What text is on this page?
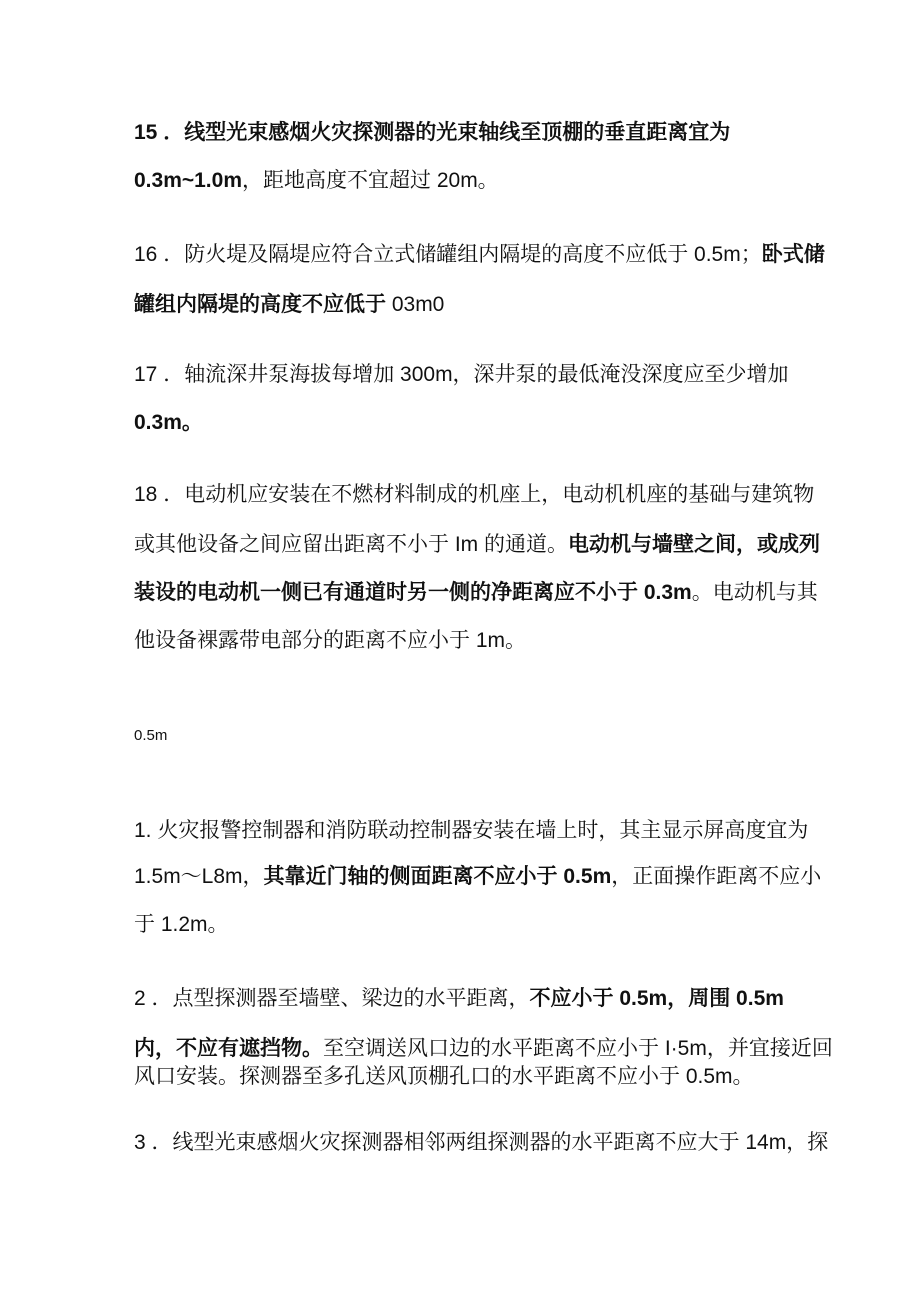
15 ．线型光束感烟火灾探测器的光束轴线至顶棚的垂直距离宜为
0.3m~1.0m，距地高度不宜超过 20m。
16 ．防火堤及隔堤应符合立式储罐组内隔堤的高度不应低于 0.5m；卧式储
罐组内隔堤的高度不应低于 03m0
17 ．轴流深井泵海拔每增加 300m，深井泵的最低淹没深度应至少增加
0.3m。
18 ．电动机应安装在不燃材料制成的机座上，电动机机座的基础与建筑物
或其他设备之间应留出距离不小于 Im 的通道。电动机与墙壁之间，或成列
装设的电动机一侧已有通道时另一侧的净距离应不小于 0.3m。电动机与其
他设备裸露带电部分的距离不应小于 1m。
0.5m
1. 火灾报警控制器和消防联动控制器安装在墙上时，其主显示屏高度宜为
1.5m～L8m，其靠近门轴的侧面距离不应小于 0.5m，正面操作距离不应小
于 1.2m。
2 ．点型探测器至墙壁、梁边的水平距离，不应小于 0.5m，周围 0.5m
内，不应有遮挡物。至空调送风口边的水平距离不应小于 I·5m，并宜接近回
风口安装。探测器至多孔送风顶棚孔口的水平距离不应小于 0.5m。
3 ．线型光束感烟火灾探测器相邻两组探测器的水平距离不应大于 14m，探
